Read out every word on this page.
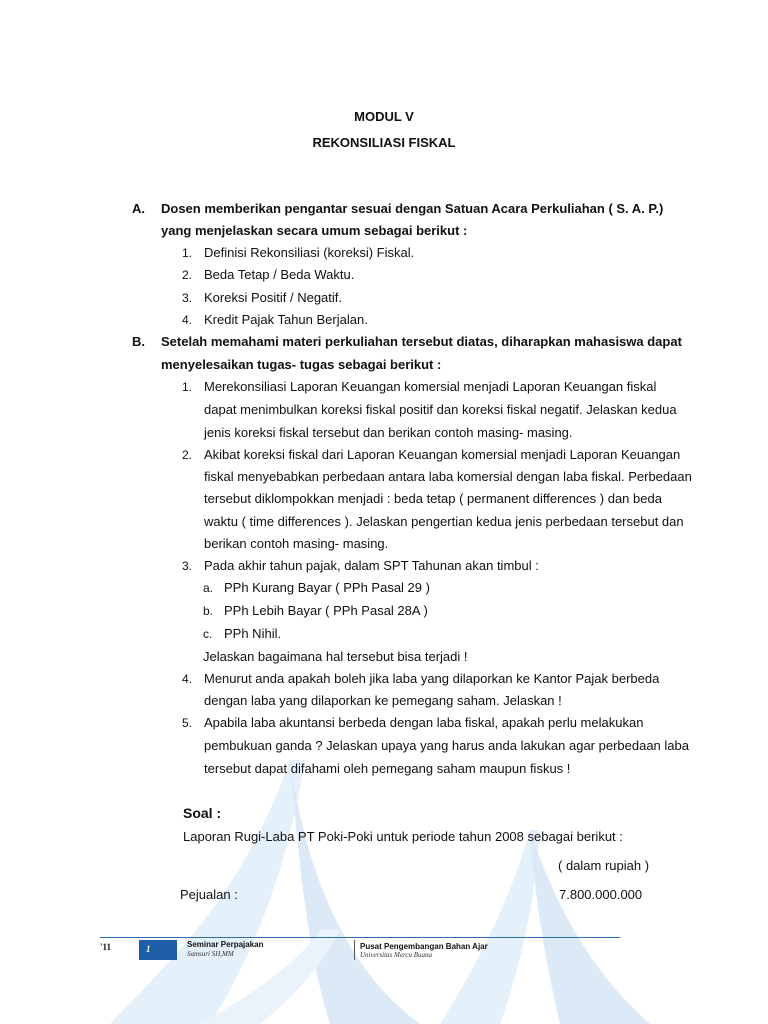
MODUL V
REKONSILIASI FISKAL
A. Dosen memberikan pengantar sesuai dengan Satuan Acara Perkuliahan ( S. A. P.)
yang menjelaskan secara umum sebagai berikut :
1. Definisi Rekonsiliasi (koreksi) Fiskal.
2. Beda Tetap / Beda Waktu.
3. Koreksi Positif / Negatif.
4. Kredit Pajak Tahun Berjalan.
B. Setelah memahami materi perkuliahan tersebut diatas, diharapkan mahasiswa dapat
menyelesaikan tugas- tugas sebagai berikut :
1. Merekonsiliasi Laporan Keuangan komersial menjadi Laporan Keuangan fiskal
dapat menimbulkan koreksi fiskal positif dan koreksi fiskal negatif. Jelaskan kedua
jenis koreksi fiskal tersebut dan berikan contoh masing- masing.
2. Akibat koreksi fiskal dari Laporan Keuangan komersial menjadi Laporan Keuangan
fiskal menyebabkan perbedaan antara laba komersial dengan laba fiskal. Perbedaan
tersebut diklompokkan menjadi : beda tetap ( permanent differences ) dan beda
waktu ( time differences ). Jelaskan pengertian kedua jenis perbedaan tersebut dan
berikan contoh masing- masing.
3. Pada akhir tahun pajak, dalam SPT Tahunan akan timbul :
a. PPh Kurang Bayar ( PPh Pasal 29 )
b. PPh Lebih Bayar ( PPh Pasal 28A )
c. PPh Nihil.
Jelaskan bagaimana hal tersebut bisa terjadi !
4. Menurut anda apakah boleh jika laba yang dilaporkan ke Kantor Pajak berbeda
dengan laba yang dilaporkan ke pemegang saham. Jelaskan !
5. Apabila laba akuntansi berbeda dengan laba fiskal, apakah perlu melakukan
pembukuan ganda ? Jelaskan upaya yang harus anda lakukan agar perbedaan laba
tersebut dapat difahami oleh pemegang saham maupun fiskus !
Soal :
Laporan Rugi-Laba PT Poki-Poki untuk periode tahun 2008 sebagai berikut :
( dalam rupiah )
Pejualan :	7.800.000.000
'11	1	Seminar Perpajakan
Samsuri SH,MM
Pusat Pengembangan Bahan Ajar
Universitas Mercu Buana
